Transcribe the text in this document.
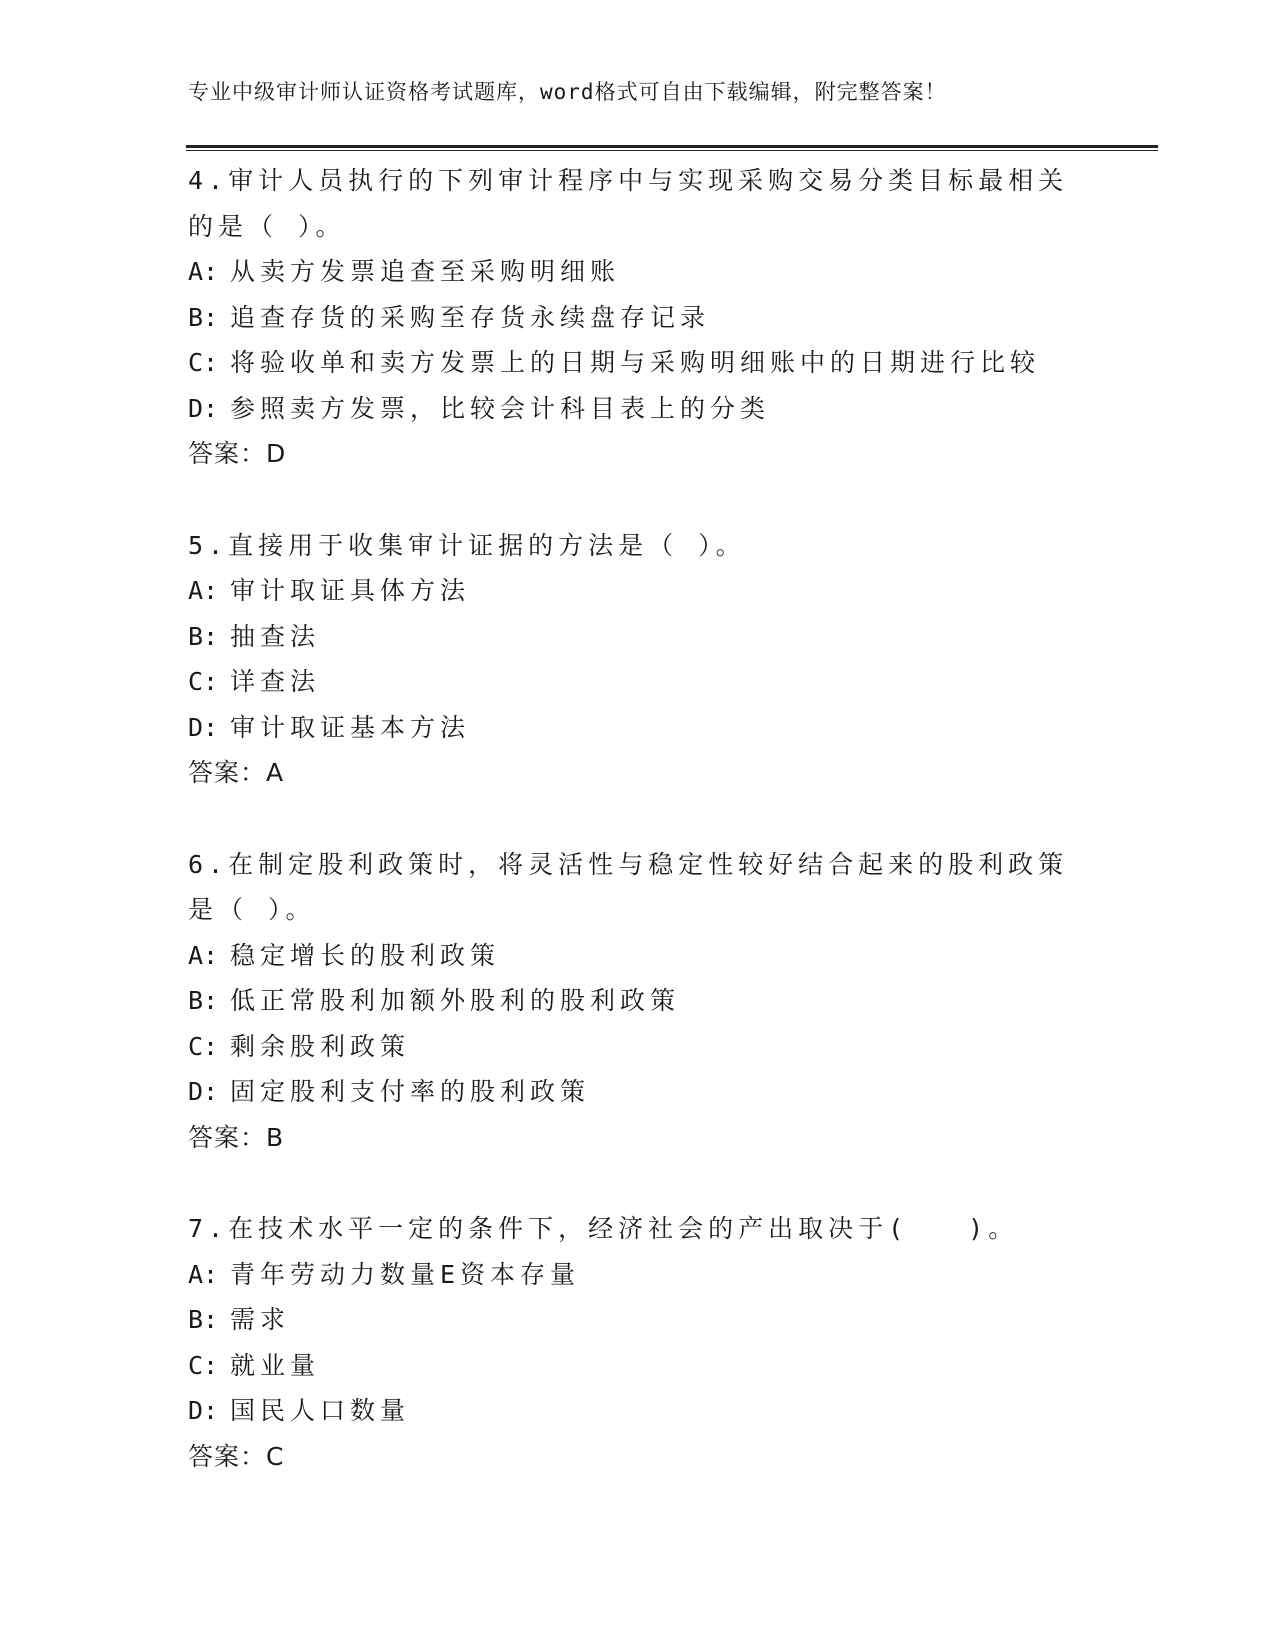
专业中级审计师认证资格考试题库，word格式可自由下载编辑，附完整答案！

4.审计人员执行的下列审计程序中与实现采购交易分类目标最相关的是（ ）。

A: 从卖方发票追查至采购明细账

B: 追查存货的采购至存货永续盘存记录

C: 将验收单和卖方发票上的日期与采购明细账中的日期进行比较

D: 参照卖方发票，比较会计科目表上的分类

答案：D

5.直接用于收集审计证据的方法是（ ）。

A: 审计取证具体方法

B: 抽查法

C: 详查法

D: 审计取证基本方法

答案：A

6.在制定股利政策时，将灵活性与稳定性较好结合起来的股利政策是（ ）。

A: 稳定增长的股利政策

B: 低正常股利加额外股利的股利政策

C: 剩余股利政策

D: 固定股利支付率的股利政策

答案：B

7.在技术水平一定的条件下，经济社会的产出取决于(　　)。

A: 青年劳动力数量E资本存量

B: 需求

C: 就业量

D: 国民人口数量

答案：C
